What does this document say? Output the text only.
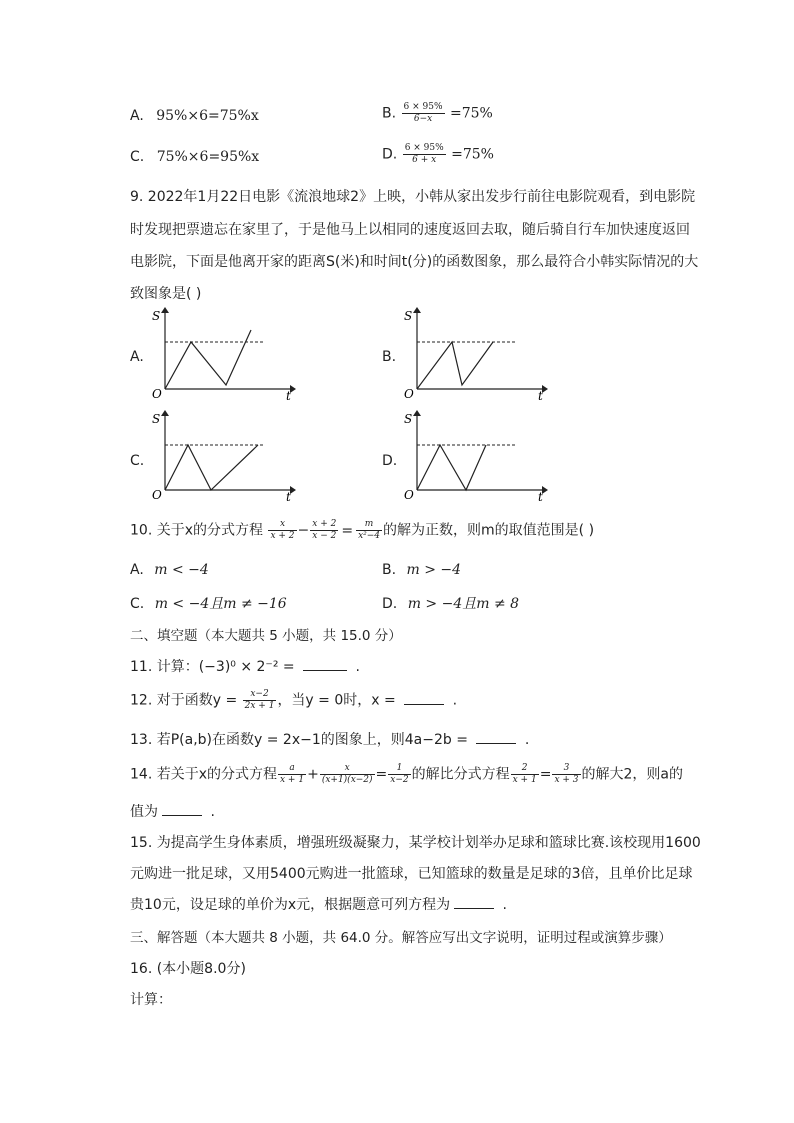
A. 95%×6=75%x	B. $\frac{6 \times 95\%}{6-x} =75\%$
C. 75%×6=95%x	D. $\frac{6 \times 95\%}{6 + x} =75\%$
9. 2022年1月22日电影《流浪地球2》上映，小韩从家出发步行前往电影院观看，到电影院
时发现把票遗忘在家里了，于是他马上以相同的速度返回去取，随后骑自行车加快速度返回
电影院，下面是他离开家的距离S(米)和时间t(分)的函数图象，那么最符合小韩实际情况的大
致图象是( )
A.
S
O	t
B.
S
O	t
C.
S
O	t
D.
S
O	t
10. 关于x的分式方程 $\frac{x}{x + 2} - \frac{x + 2}{x - 2} = \frac{m}{\text{x²−4}}$ 的解为正数，则m的取值范围是( )
A. m < −4	B. m > −4
C. m < −4且m ≠ −16	D. m > −4且m ≠ 8
二、填空题（本大题共 5 小题，共 15.0 分）
11. 计算：(−3)⁰ × 2⁻² =	.
12. 对于函数$y = \frac{x-2}{2x + 1}$ ，当y = 0时，x =	.
13. 若P(a,b)在函数y = 2x−1的图象上，则4a−2b =	.
14. 若关于x的分式方程 $\frac{a}{x + 1} + \frac{x}{(x+1)(x-2)} = \frac{1}{x-2}$ 的解比分式方程 $\frac{2}{x + 1} = \frac{3}{x + 3}$ 的解大2，则a的
值为	.
15. 为提高学生身体素质，增强班级凝聚力，某学校计划举办足球和篮球比赛.该校现用1600
元购进一批足球，又用5400元购进一批篮球，已知篮球的数量是足球的3倍，且单价比足球
贵10元，设足球的单价为x元，根据题意可列方程为	.
三、解答题（本大题共 8 小题，共 64.0 分。解答应写出文字说明，证明过程或演算步骤）
16. (本小题8.0分)
计算：
